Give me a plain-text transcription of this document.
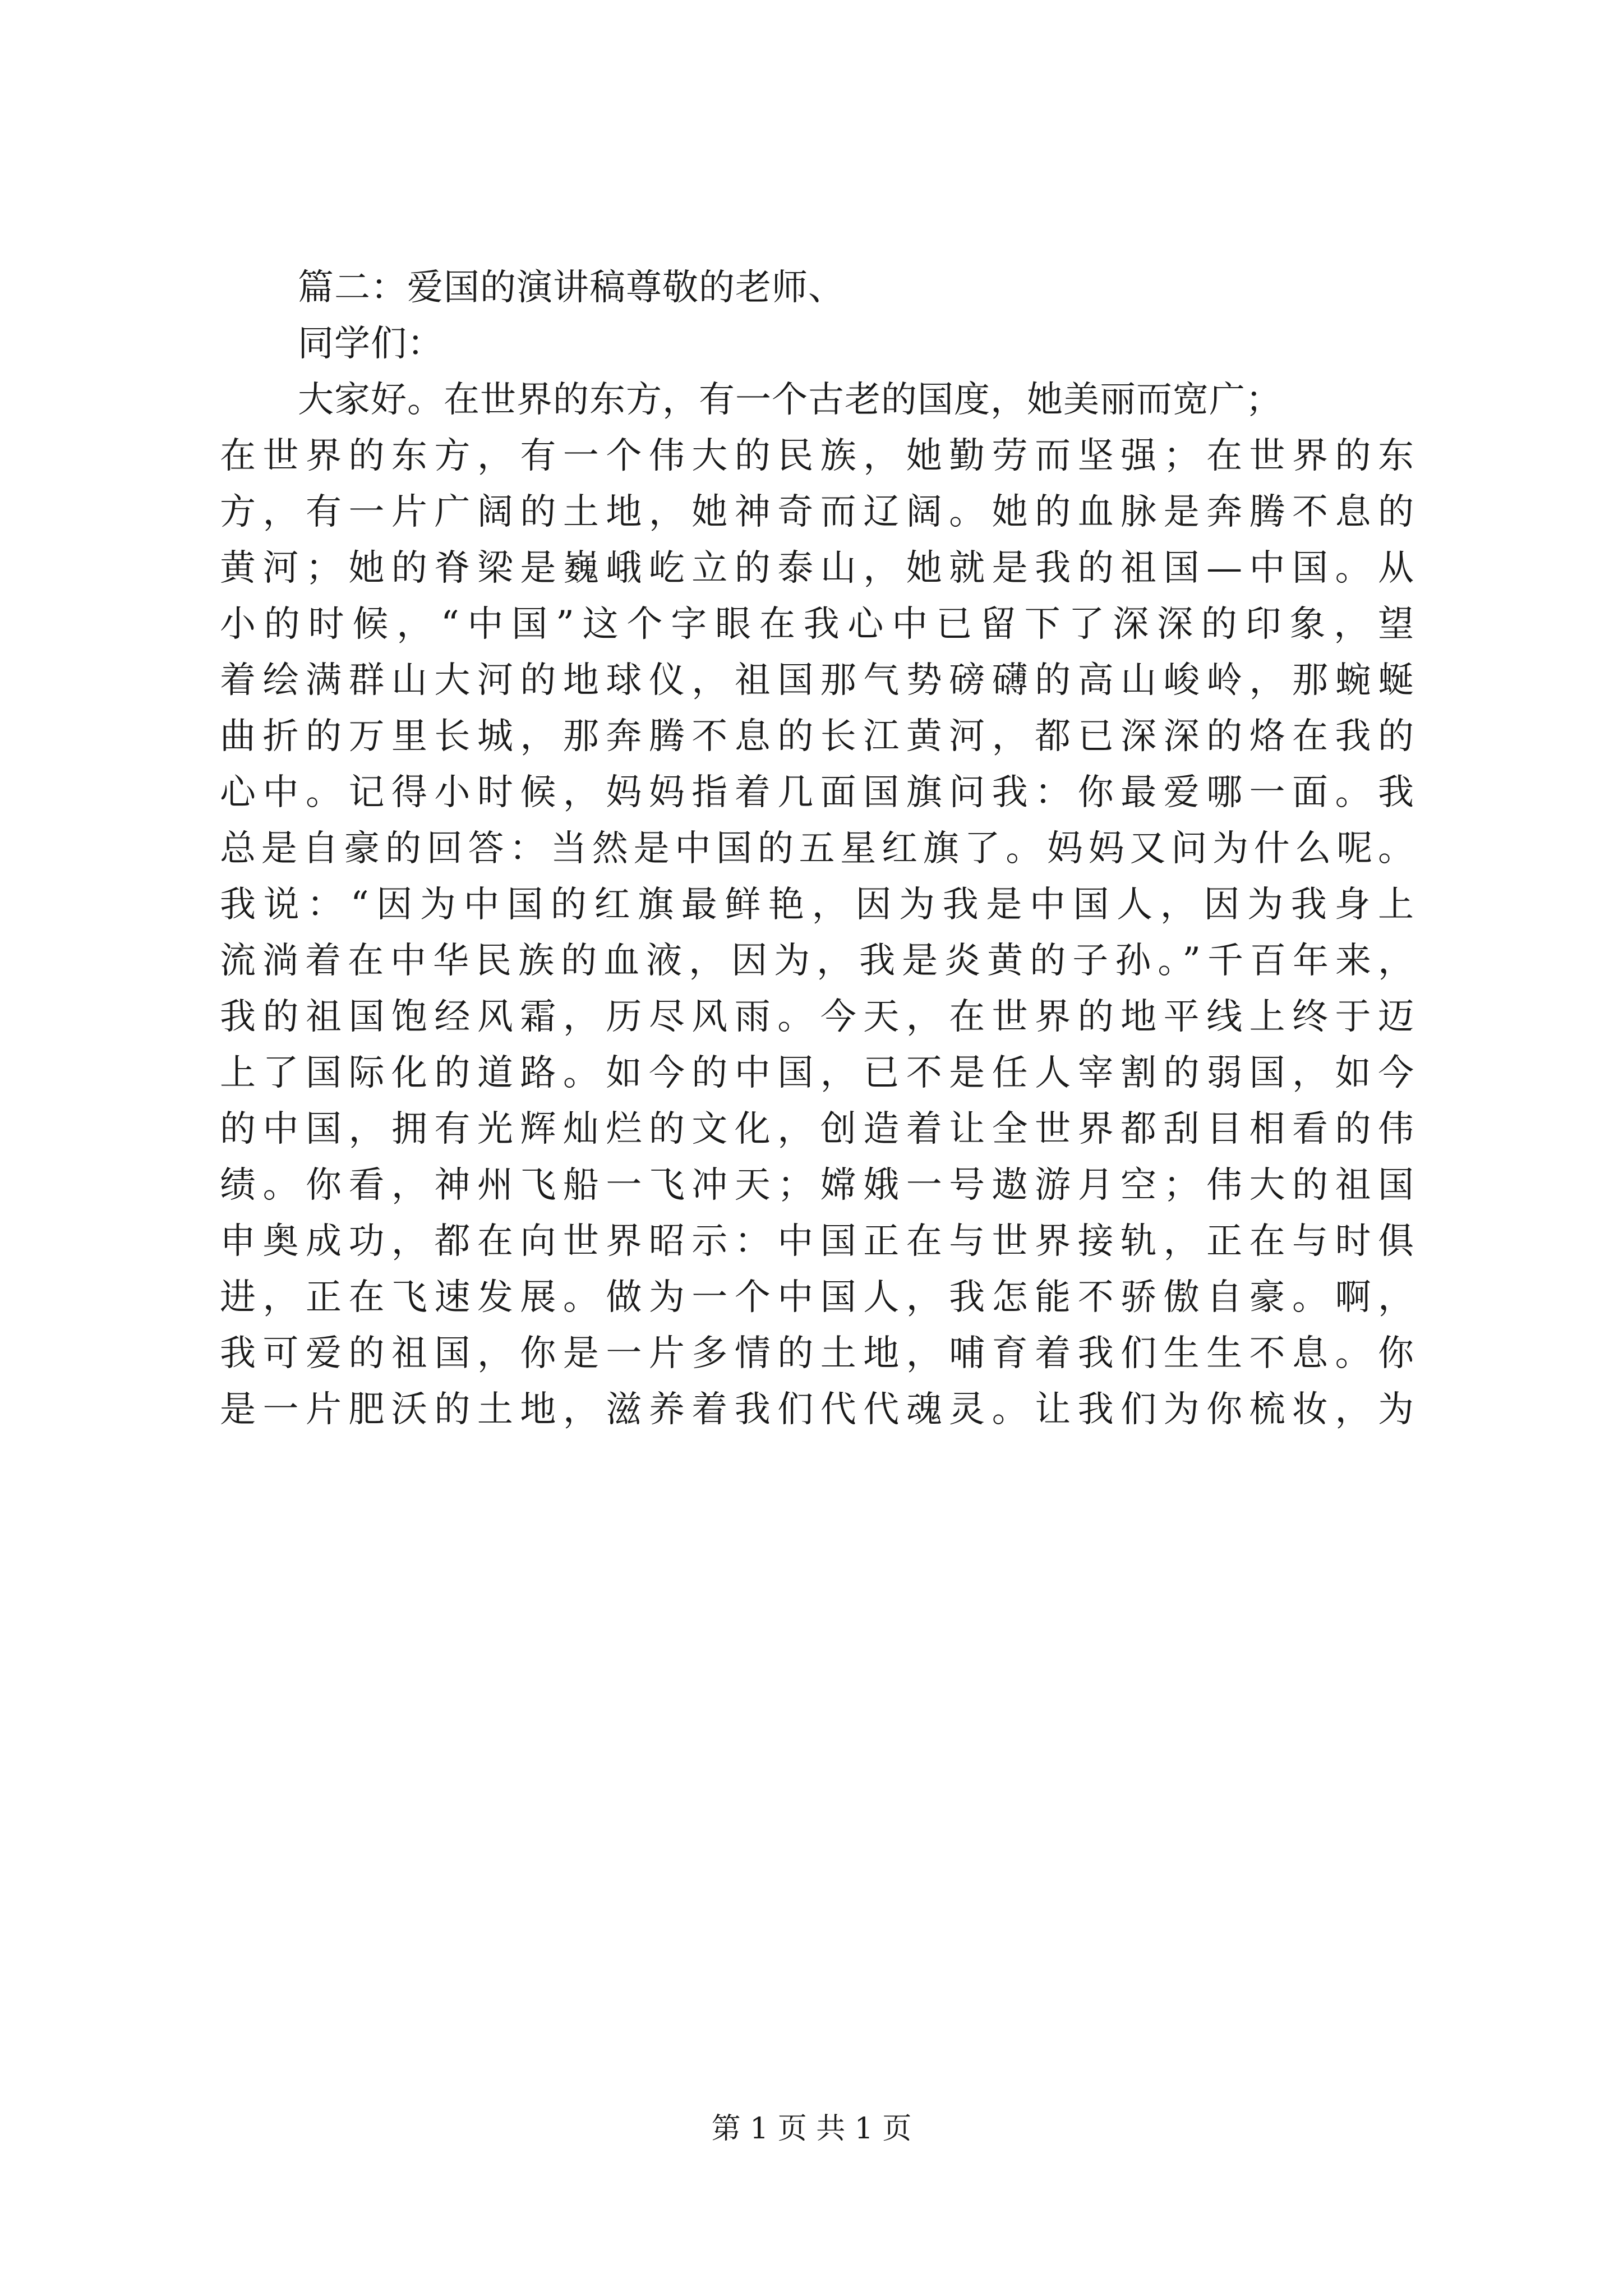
篇二：爱国的演讲稿尊敬的老师、
同学们：
大家好。在世界的东方，有一个古老的国度，她美丽而宽广；
在世界的东方，有一个伟大的民族，她勤劳而坚强；在世界的东
方，有一片广阔的土地，她神奇而辽阔。她的血脉是奔腾不息的
黄河；她的脊梁是巍峨屹立的泰山，她就是我的祖国—中国。从
小的时候，“中国”这个字眼在我心中已留下了深深的印象，望
着绘满群山大河的地球仪，祖国那气势磅礴的高山峻岭，那蜿蜒
曲折的万里长城，那奔腾不息的长江黄河，都已深深的烙在我的
心中。记得小时候，妈妈指着几面国旗问我：你最爱哪一面。我
总是自豪的回答：当然是中国的五星红旗了。妈妈又问为什么呢。
我说：“因为中国的红旗最鲜艳，因为我是中国人，因为我身上
流淌着在中华民族的血液，因为，我是炎黄的子孙。”千百年来，
我的祖国饱经风霜，历尽风雨。今天，在世界的地平线上终于迈
上了国际化的道路。如今的中国，已不是任人宰割的弱国，如今
的中国，拥有光辉灿烂的文化，创造着让全世界都刮目相看的伟
绩。你看，神州飞船一飞冲天；嫦娥一号遨游月空；伟大的祖国
申奥成功，都在向世界昭示：中国正在与世界接轨，正在与时俱
进，正在飞速发展。做为一个中国人，我怎能不骄傲自豪。啊，
我可爱的祖国，你是一片多情的土地，哺育着我们生生不息。你
是一片肥沃的土地，滋养着我们代代魂灵。让我们为你梳妆，为
第 1 页 共 1 页
